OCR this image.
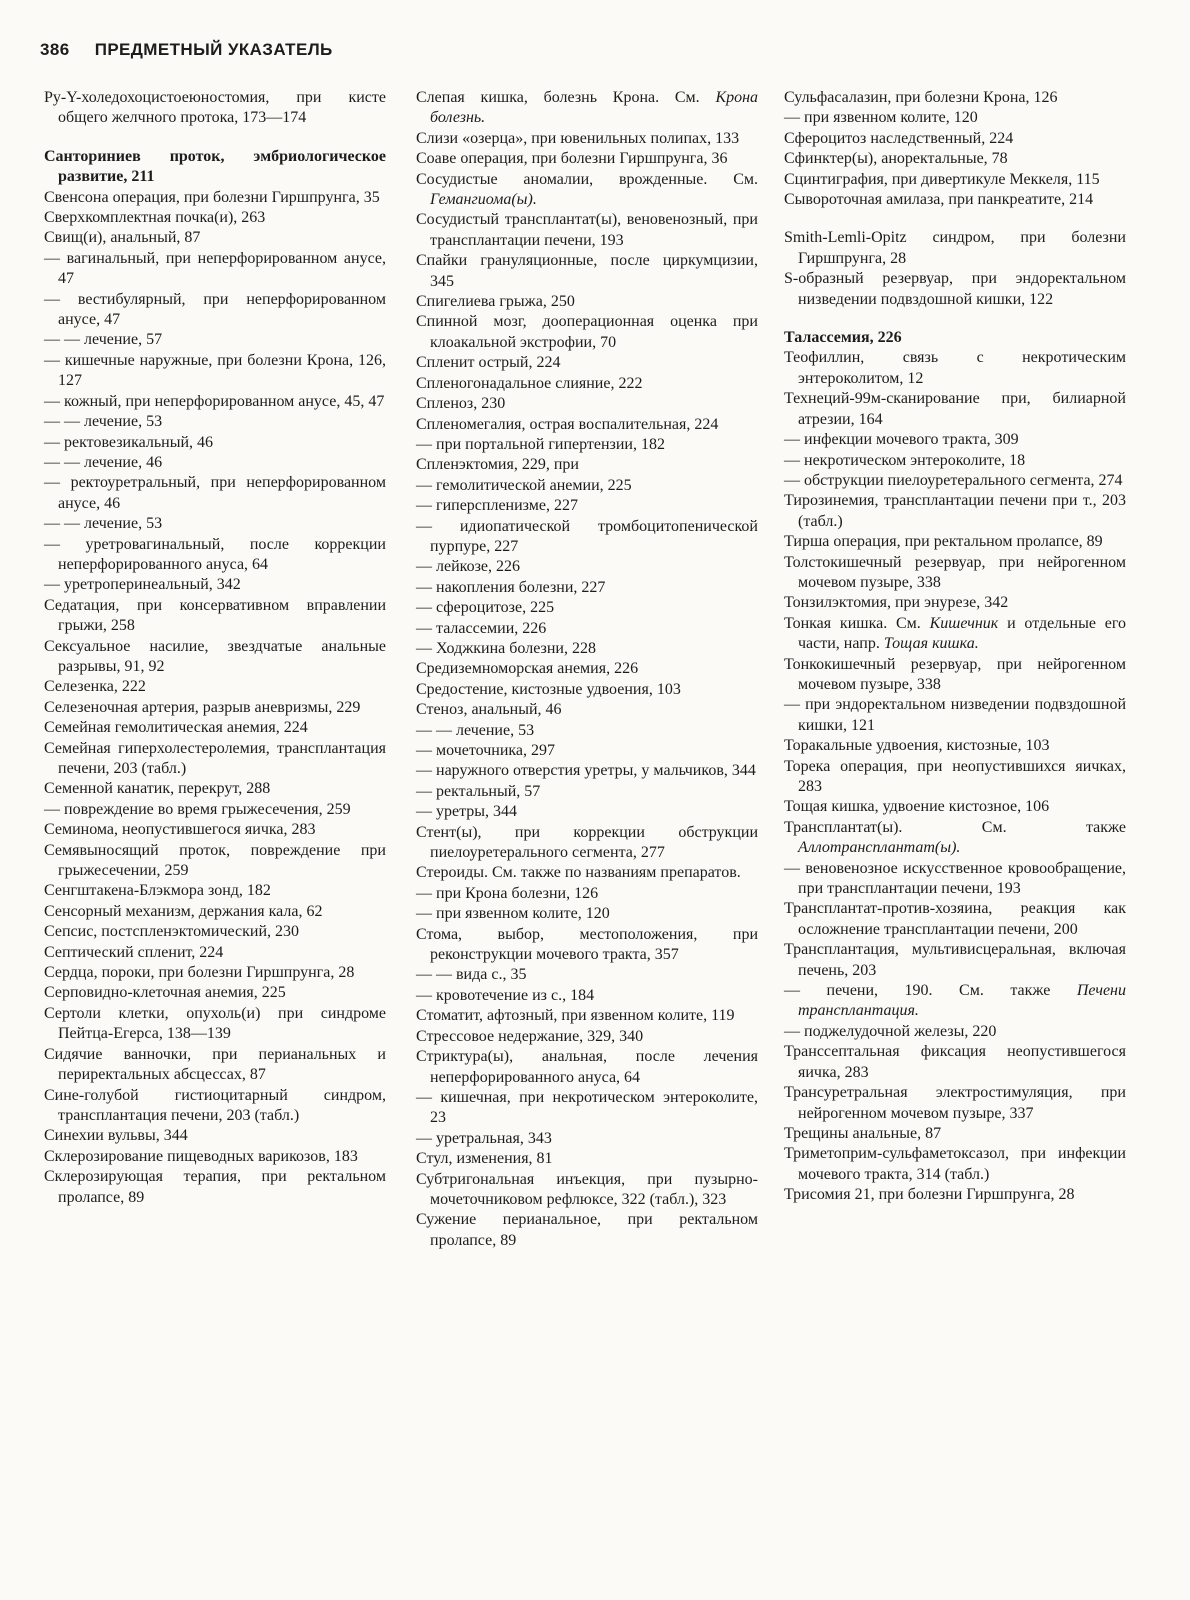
386 ПРЕДМЕТНЫЙ УКАЗАТЕЛЬ

Ру-Y-холедохоцистоеюностомия, при кисте общего желчного протока, 173—174

Санториниев проток, эмбриологическое развитие, 211

Свенсона операция, при болезни Гиршпрунга, 35

Сверхкомплектная почка(и), 263

Свищ(и), анальный, 87

— вагинальный, при неперфорированном анусе, 47

— вестибулярный, при неперфорированном анусе, 47

— — лечение, 57

— кишечные наружные, при болезни Крона, 126, 127

— кожный, при неперфорированном анусе, 45, 47

— — лечение, 53

— ректовезикальный, 46

— — лечение, 46

— ректоуретральный, при неперфорированном анусе, 46

— — лечение, 53

— уретровагинальный, после коррекции неперфорированного ануса, 64

— уретроперинеальный, 342

Седатация, при консервативном вправлении грыжи, 258

Сексуальное насилие, звездчатые анальные разрывы, 91, 92

Селезенка, 222

Селезеночная артерия, разрыв аневризмы, 229

Семейная гемолитическая анемия, 224

Семейная гиперхолестеролемия, трансплантация печени, 203 (табл.)

Семенной канатик, перекрут, 288

— повреждение во время грыжесечения, 259

Семинома, неопустившегося яичка, 283

Семявыносящий проток, повреждение при грыжесечении, 259

Сенгштакена-Блэкмора зонд, 182

Сенсорный механизм, держания кала, 62

Сепсис, постспленэктомический, 230

Септический спленит, 224

Сердца, пороки, при болезни Гиршпрунга, 28

Серповидно-клеточная анемия, 225

Сертоли клетки, опухоль(и) при синдроме Пейтца-Егерса, 138—139

Сидячие ванночки, при перианальных и периректальных абсцессах, 87

Сине-голубой гистиоцитарный синдром, трансплантация печени, 203 (табл.)

Синехии вульвы, 344

Склерозирование пищеводных варикозов, 183

Склерозирующая терапия, при ректальном пролапсе, 89

Слепая кишка, болезнь Крона. См. Крона болезнь.

Слизи «озерца», при ювенильных полипах, 133

Соаве операция, при болезни Гиршпрунга, 36

Сосудистые аномалии, врожденные. См. Гемангиома(ы).

Сосудистый трансплантат(ы), веновенозный, при трансплантации печени, 193

Спайки грануляционные, после циркумцизии, 345

Спигелиева грыжа, 250

Спинной мозг, дооперационная оценка при клоакальной экстрофии, 70

Спленит острый, 224

Спленогонадальное слияние, 222

Спленоз, 230

Спленомегалия, острая воспалительная, 224

— при портальной гипертензии, 182

Спленэктомия, 229, при

— гемолитической анемии, 225

— гиперспленизме, 227

— идиопатической тромбоцитопенической пурпуре, 227

— лейкозе, 226

— накопления болезни, 227

— сфероцитозе, 225

— талассемии, 226

— Ходжкина болезни, 228

Средиземноморская анемия, 226

Средостение, кистозные удвоения, 103

Стеноз, анальный, 46

— — лечение, 53

— мочеточника, 297

— наружного отверстия уретры, у мальчиков, 344

— ректальный, 57

— уретры, 344

Стент(ы), при коррекции обструкции пиелоуретерального сегмента, 277

Стероиды. См. также по названиям препаратов.

— при Крона болезни, 126

— при язвенном колите, 120

Стома, выбор, местоположения, при реконструкции мочевого тракта, 357

— — вида с., 35

— кровотечение из с., 184

Стоматит, афтозный, при язвенном колите, 119

Стрессовое недержание, 329, 340

Стриктура(ы), анальная, после лечения неперфорированного ануса, 64

— кишечная, при некротическом энтероколите, 23

— уретральная, 343

Стул, изменения, 81

Субтригональная инъекция, при пузырно-мочеточниковом рефлюксе, 322 (табл.), 323

Сужение перианальное, при ректальном пролапсе, 89

Сульфасалазин, при болезни Крона, 126

— при язвенном колите, 120

Сфероцитоз наследственный, 224

Сфинктер(ы), аноректальные, 78

Сцинтиграфия, при дивертикуле Меккеля, 115

Сывороточная амилаза, при панкреатите, 214

Smith-Lemli-Opitz синдром, при болезни Гиршпрунга, 28

S-образный резервуар, при эндоректальном низведении подвздошной кишки, 122

Талассемия, 226

Теофиллин, связь с некротическим энтероколитом, 12

Технеций-99м-сканирование при, билиарной атрезии, 164

— инфекции мочевого тракта, 309

— некротическом энтероколите, 18

— обструкции пиелоуретерального сегмента, 274

Тирозинемия, трансплантации печени при т., 203 (табл.)

Тирша операция, при ректальном пролапсе, 89

Толстокишечный резервуар, при нейрогенном мочевом пузыре, 338

Тонзилэктомия, при энурезе, 342

Тонкая кишка. См. Кишечник и отдельные его части, напр. Тощая кишка.

Тонкокишечный резервуар, при нейрогенном мочевом пузыре, 338

— при эндоректальном низведении подвздошной кишки, 121

Торакальные удвоения, кистозные, 103

Торека операция, при неопустившихся яичках, 283

Тощая кишка, удвоение кистозное, 106

Трансплантат(ы). См. также Аллотрансплантат(ы).

— веновенозное искусственное кровообращение, при трансплантации печени, 193

Трансплантат-против-хозяина, реакция как осложнение трансплантации печени, 200

Трансплантация, мультивисцеральная, включая печень, 203

— печени, 190. См. также Печени трансплантация.

— поджелудочной железы, 220

Транссептальная фиксация неопустившегося яичка, 283

Трансуретральная электростимуляция, при нейрогенном мочевом пузыре, 337

Трещины анальные, 87

Триметоприм-сульфаметоксазол, при инфекции мочевого тракта, 314 (табл.)

Трисомия 21, при болезни Гиршпрунга, 28
